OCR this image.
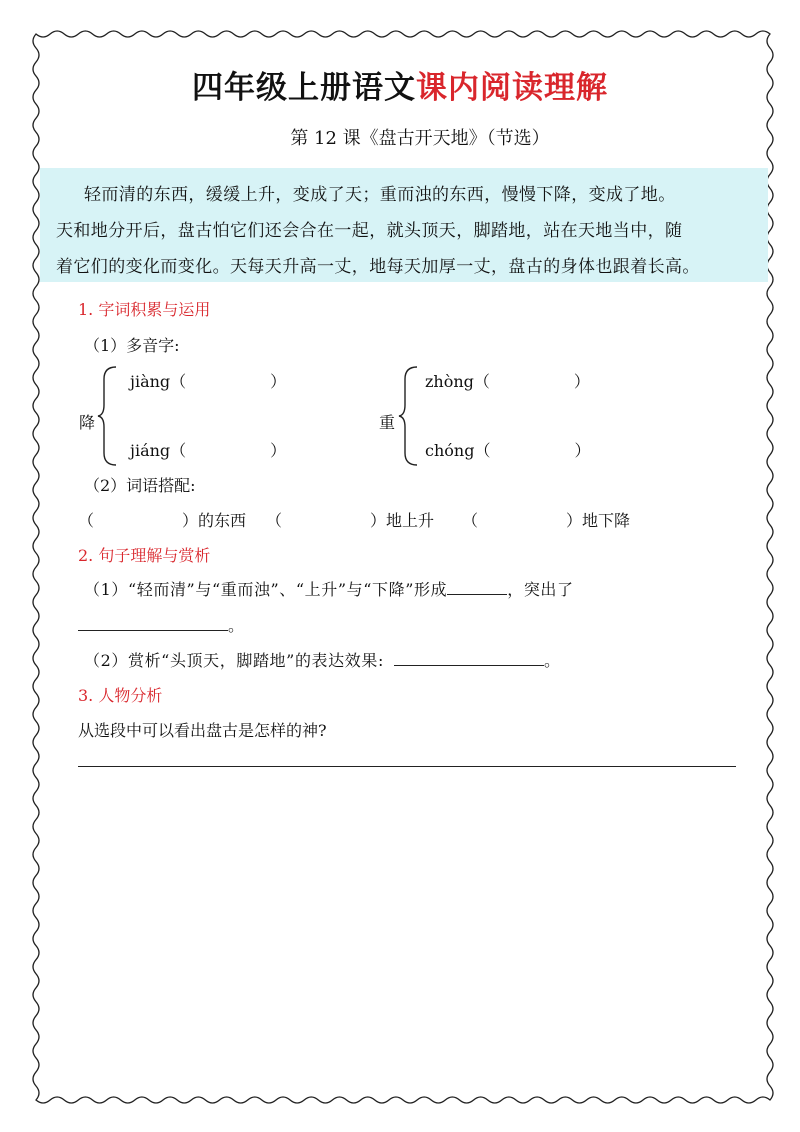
四年级上册语文课内阅读理解
第 12 课《盘古开天地》（节选）
轻而清的东西，缓缓上升，变成了天；重而浊的东西，慢慢下降，变成了地。
天和地分开后，盘古怕它们还会合在一起，就头顶天，脚踏地，站在天地当中，随
着它们的变化而变化。天每天升高一丈，地每天加厚一丈，盘古的身体也跟着长高。
1. 字词积累与运用
（1）多音字:
降
jiàng（	）
jiáng（	）
重
zhòng（	）
chóng（	）
（2）词语搭配:
（	）的东西 （	）地上升 （	）地下降
2. 句子理解与赏析
（1）“轻而清”与“重而浊”、“上升”与“下降”形成	，突出了
。
（2）赏析“头顶天，脚踏地”的表达效果:	。
3. 人物分析
从选段中可以看出盘古是怎样的神?
